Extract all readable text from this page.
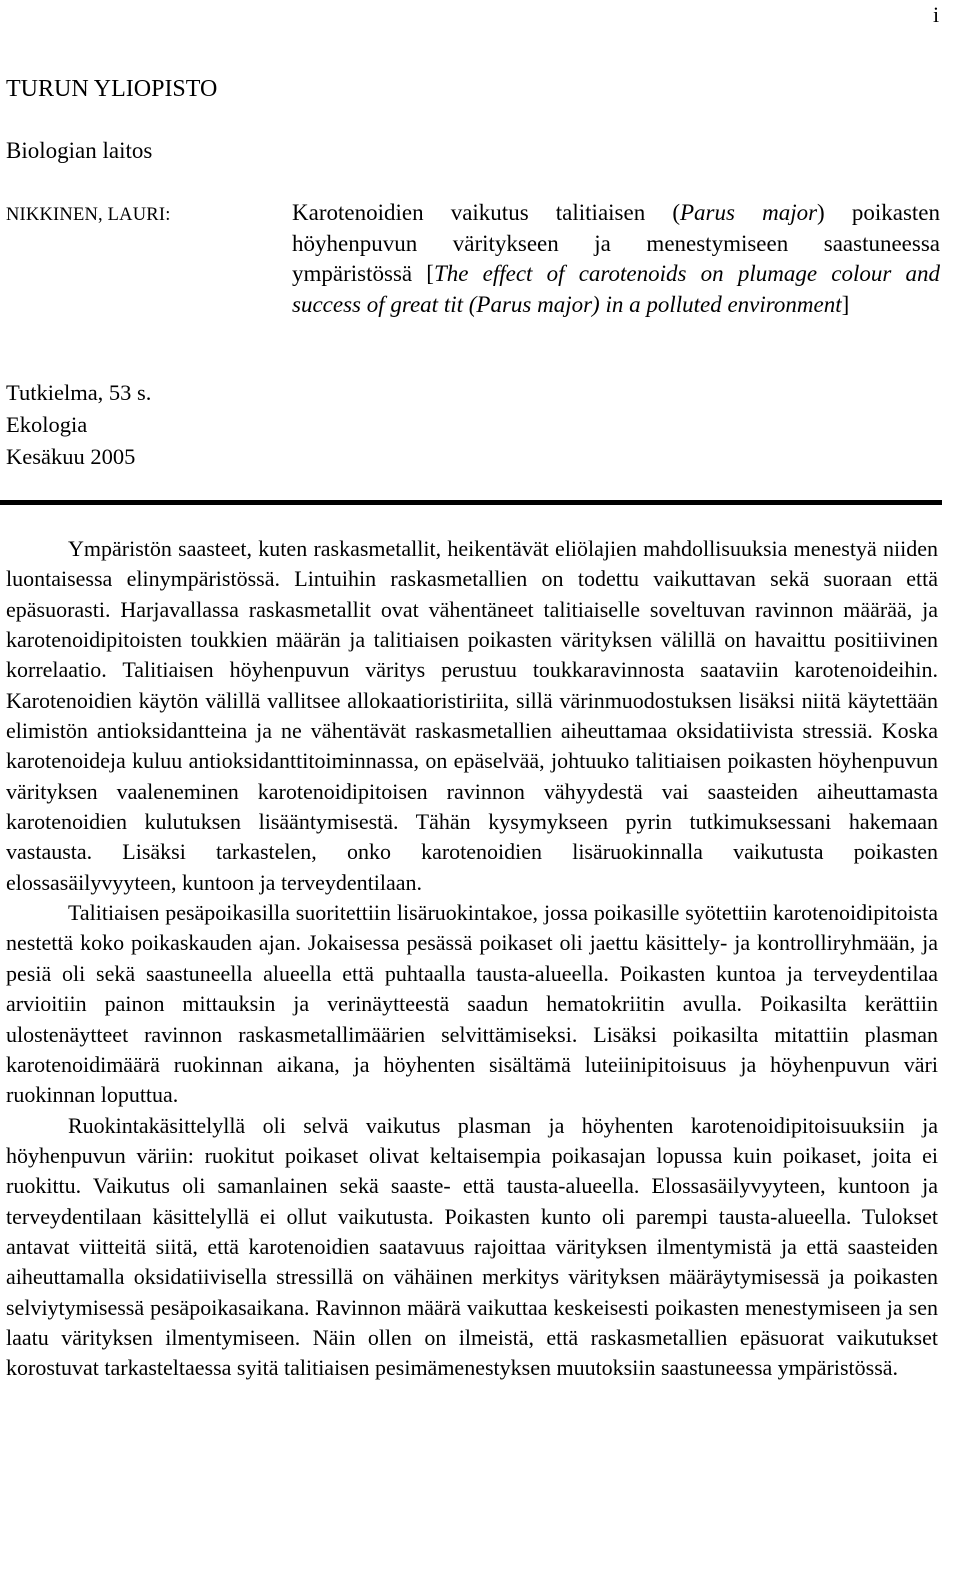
i
TURUN YLIOPISTO
Biologian laitos
NIKKINEN, LAURI:	Karotenoidien vaikutus talitiaisen (Parus major) poikasten höyhenpuvun väritykseen ja menestymiseen saastuneessa ympäristössä [The effect of carotenoids on plumage colour and success of great tit (Parus major) in a polluted environment]
Tutkielma, 53 s.
Ekologia
Kesäkuu 2005

Ympäristön saasteet, kuten raskasmetallit, heikentävät eliölajien mahdollisuuksia menestyä niiden luontaisessa elinympäristössä. Lintuihin raskasmetallien on todettu vaikuttavan sekä suoraan että epäsuorasti. Harjavallassa raskasmetallit ovat vähentäneet talitiaiselle soveltuvan ravinnon määrää, ja karotenoidipitoisten toukkien määrän ja talitiaisen poikasten värityksen välillä on havaittu positiivinen korrelaatio. Talitiaisen höyhenpuvun väritys perustuu toukkaravinnosta saataviin karotenoideihin. Karotenoidien käytön välillä vallitsee allokaatioristiriita, sillä värinmuodostuksen lisäksi niitä käytettään elimistön antioksidantteina ja ne vähentävät raskasmetallien aiheuttamaa oksidatiivista stressiä. Koska karotenoideja kuluu antioksidanttitoiminnassa, on epäselvää, johtuuko talitiaisen poikasten höyhenpuvun värityksen vaaleneminen karotenoidipitoisen ravinnon vähyydestä vai saasteiden aiheuttamasta karotenoidien kulutuksen lisääntymisestä. Tähän kysymykseen pyrin tutkimuksessani hakemaan vastausta. Lisäksi tarkastelen, onko karotenoidien lisäruokinnalla vaikutusta poikasten elossasäilyvyyteen, kuntoon ja terveydentilaan.

Talitiaisen pesäpoikasilla suoritettiin lisäruokintakoe, jossa poikasille syötettiin karotenoidipitoista nestettä koko poikaskauden ajan. Jokaisessa pesässä poikaset oli jaettu käsittely- ja kontrolliryhmään, ja pesiä oli sekä saastuneella alueella että puhtaalla tausta-alueella. Poikasten kuntoa ja terveydentilaa arvioitiin painon mittauksin ja verinäytteestä saadun hematokriitin avulla. Poikasilta kerättiin ulostenäytteet ravinnon raskasmetallimäärien selvittämiseksi. Lisäksi poikasilta mitattiin plasman karotenoidimäärä ruokinnan aikana, ja höyhenten sisältämä luteiinipitoisuus ja höyhenpuvun väri ruokinnan loputtua.

Ruokintakäsittelyllä oli selvä vaikutus plasman ja höyhenten karotenoidipitoisuuksiin ja höyhenpuvun väriin: ruokitut poikaset olivat keltaisempia poikasajan lopussa kuin poikaset, joita ei ruokittu. Vaikutus oli samanlainen sekä saaste- että tausta-alueella. Elossasäilyvyyteen, kuntoon ja terveydentilaan käsittelyllä ei ollut vaikutusta. Poikasten kunto oli parempi tausta-alueella. Tulokset antavat viitteitä siitä, että karotenoidien saatavuus rajoittaa värityksen ilmentymistä ja että saasteiden aiheuttamalla oksidatiivisella stressillä on vähäinen merkitys värityksen määräytymisessä ja poikasten selviytymisessä pesäpoikasaikana. Ravinnon määrä vaikuttaa keskeisesti poikasten menestymiseen ja sen laatu värityksen ilmentymiseen. Näin ollen on ilmeistä, että raskasmetallien epäsuorat vaikutukset korostuvat tarkasteltaessa syitä talitiaisen pesimämenestyksen muutoksiin saastuneessa ympäristössä.
